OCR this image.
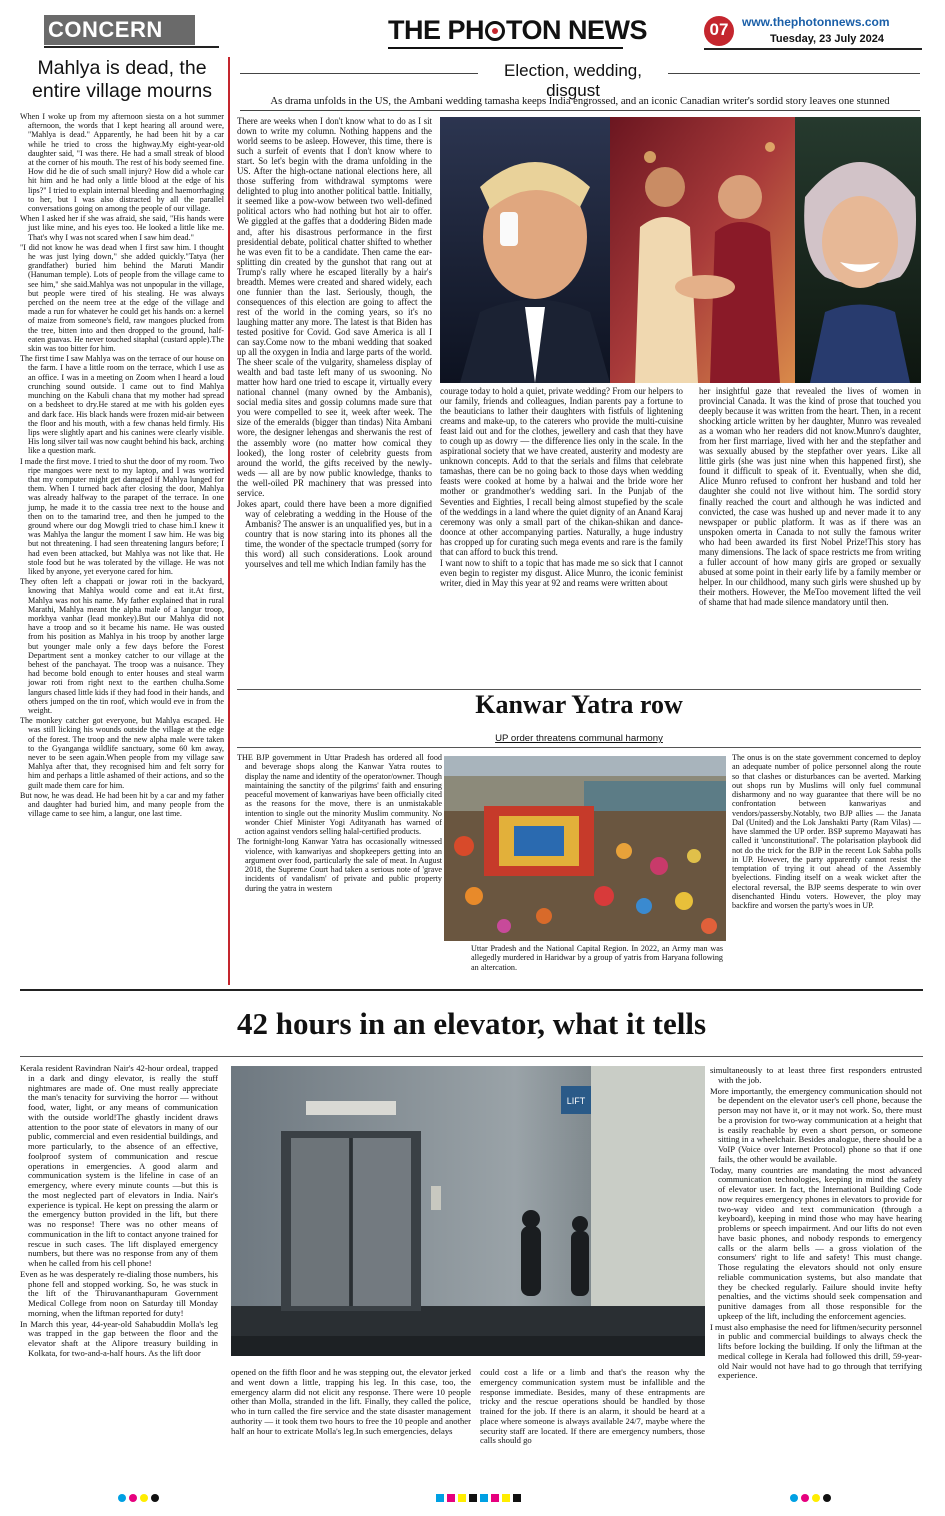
CONCERN	THE PH TON NEWS	07	www.thephotonnews.com
Tuesday, 23 July 2024
Mahlya is dead, the
entire village mourns

When I woke up from my afternoon siesta on a hot summer afternoon, the words that I kept hearing all around were, "Mahlya is dead." Apparently, he had been hit by a car while he tried to cross the highway.My eight-year-old daughter said, "I was there. He had a small streak of blood at the corner of his mouth. The rest of his body seemed fine. How did he die of such small injury? How did a whole car hit him and he had only a little blood at the edge of his lips?" I tried to explain internal bleeding and haemorrhaging to her, but I was also distracted by all the parallel conversations going on among the people of our village.

When I asked her if she was afraid, she said, "His hands were just like mine, and his eyes too. He looked a little like me. That's why I was not scared when I saw him dead."

"I did not know he was dead when I first saw him. I thought he was just lying down," she added quickly."Tatya (her grandfather) buried him behind the Maruti Mandir (Hanuman temple). Lots of people from the village came to see him," she said.Mahlya was not unpopular in the village, but people were tired of his stealing. He was always perched on the neem tree at the edge of the village and made a run for whatever he could get his hands on: a kernel of maize from someone's field, raw mangoes plucked from the tree, bitten into and then dropped to the ground, half-eaten guavas. He never touched sitaphal (custard apple).The skin was too bitter for him.

The first time I saw Mahlya was on the terrace of our house on the farm. I have a little room on the terrace, which I use as an office. I was in a meeting on Zoom when I heard a loud crunching sound outside. I came out to find Mahlya munching on the Kabuli chana that my mother had spread on a bedsheet to dry.He stared at me with his golden eyes and dark face. His black hands were frozen mid-air between the floor and his mouth, with a few chanas held firmly. His lips were slightly apart and his canines were clearly visible. His long silver tail was now caught behind his back, arching like a question mark.

I made the first move. I tried to shut the door of my room. Two ripe mangoes were next to my laptop, and I was worried that my computer might get damaged if Mahlya lunged for them. When I turned back after closing the door, Mahlya was already halfway to the parapet of the terrace. In one jump, he made it to the cassia tree next to the house and then on to the tamarind tree, and then he jumped to the ground where our dog Mowgli tried to chase him.I knew it was Mahlya the langur the moment I saw him. He was big but not threatening. I had seen threatening langurs before; I had even been attacked, but Mahlya was not like that. He stole food but he was tolerated by the village. He was not liked by anyone, yet everyone cared for him.

They often left a chappati or jowar roti in the backyard, knowing that Mahlya would come and eat it.At first, Mahlya was not his name. My father explained that in rural Marathi, Mahlya meant the alpha male of a langur troop, morkhya vanhar (lead monkey).But our Mahlya did not have a troop and so it became his name. He was ousted from his position as Mahlya in his troop by another large but younger male only a few days before the Forest Department sent a monkey catcher to our village at the behest of the panchayat. The troop was a nuisance. They had become bold enough to enter houses and steal warm jowar roti from right next to the earthen chulha.Some langurs chased little kids if they had food in their hands, and others jumped on the tin roof, which would eve in from the weight.

The monkey catcher got everyone, but Mahlya escaped. He was still licking his wounds outside the village at the edge of the forest. The troop and the new alpha male were taken to the Gyanganga wildlife sanctuary, some 60 km away, never to be seen again.When people from my village saw Mahlya after that, they recognised him and felt sorry for him and perhaps a little ashamed of their actions, and so the guilt made them care for him.

But now, he was dead. He had been hit by a car and my father and daughter had buried him, and many people from the village came to see him, a langur, one last time.

Election, wedding, disgust
As drama unfolds in the US, the Ambani wedding tamasha keeps India engrossed, and an iconic Canadian writer's sordid story leaves one stunned

There are weeks when I don't know what to do as I sit down to write my column. Nothing happens and the world seems to be asleep. However, this time, there is such a surfeit of events that I don't know where to start. So let's begin with the drama unfolding in the US. After the high-octane national elections here, all those suffering from withdrawal symptoms were delighted to plug into another political battle. Initially, it seemed like a pow-wow between two well-defined political actors who had nothing but hot air to offer. We giggled at the gaffes that a doddering Biden made and, after his disastrous performance in the first presidential debate, political chatter shifted to whether he was even fit to be a candidate. Then came the ear-splitting din created by the gunshot that rang out at Trump's rally where he escaped literally by a hair's breadth. Memes were created and shared widely, each one funnier than the last. Seriously, though, the consequences of this election are going to affect the rest of the world in the coming years, so it's no laughing matter any more. The latest is that Biden has tested positive for Covid. God save America is all I can say.Come now to the mbani wedding that soaked up all the oxygen in India and large parts of the world. The sheer scale of the vulgarity, shameless display of wealth and bad taste left many of us swooning. No matter how hard one tried to escape it, virtually every national channel (many owned by the Ambanis), social media sites and gossip columns made sure that you were compelled to see it, week after week. The size of the emeralds (bigger than tindas) Nita Ambani wore, the designer lehengas and sherwanis the rest of the assembly wore (no matter how comical they looked), the long roster of celebrity guests from around the world, the gifts received by the newly-weds — all are by now public knowledge, thanks to the well-oiled PR machinery that was pressed into service.

Jokes apart, could there have been a more dignified way of celebrating a wedding in the House of the Ambanis? The answer is an unqualified yes, but in a country that is now staring into its phones all the time, the wonder of the spectacle trumped (sorry for this word) all such considerations. Look around yourselves and tell me which Indian family has the

courage today to hold a quiet, private wedding? From our helpers to our family, friends and colleagues, Indian parents pay a fortune to the beauticians to lather their daughters with fistfuls of lightening creams and make-up, to the caterers who provide the multi-cuisine feast laid out and for the clothes, jewellery and cash that they have to cough up as dowry — the difference lies only in the scale. In the aspirational society that we have created, austerity and modesty are unknown concepts. Add to that the serials and films that celebrate tamashas, there can be no going back to those days when wedding feasts were cooked at home by a halwai and the bride wore her mother or grandmother's wedding sari. In the Punjab of the Seventies and Eighties, I recall being almost stupefied by the scale of the weddings in a land where the quiet dignity of an Anand Karaj ceremony was only a small part of the chikan-shikan and dance-doonce at other accompanying parties. Naturally, a huge industry has cropped up for curating such mega events and rare is the family that can afford to buck this trend.

I want now to shift to a topic that has made me so sick that I cannot even begin to register my disgust. Alice Munro, the iconic feminist writer, died in May this year at 92 and reams were written about

her insightful gaze that revealed the lives of women in provincial Canada. It was the kind of prose that touched you deeply because it was written from the heart. Then, in a recent shocking article written by her daughter, Munro was revealed as a woman who her readers did not know.Munro's daughter, from her first marriage, lived with her and the stepfather and was sexually abused by the stepfather over years. Like all little girls (she was just nine when this happened first), she found it difficult to speak of it. Eventually, when she did, Alice Munro refused to confront her husband and told her daughter she could not live without him. The sordid story finally reached the court and although he was indicted and convicted, the case was hushed up and never made it to any newspaper or public platform. It was as if there was an unspoken omerta in Canada to not sully the famous writer who had been awarded its first Nobel Prize!This story has many dimensions. The lack of space restricts me from writing a fuller account of how many girls are groped or sexually abused at some point in their early life by a family member or helper. In our childhood, many such girls were shushed up by their mothers. However, the MeToo movement lifted the veil of shame that had made silence mandatory until then.

Kanwar Yatra row
UP order threatens communal harmony

THE BJP government in Uttar Pradesh has ordered all food and beverage shops along the Kanwar Yatra routes to display the name and identity of the operator/owner. Though maintaining the sanctity of the pilgrims' faith and ensuring peaceful movement of kanwariyas have been officially cited as the reasons for the move, there is an unmistakable intention to single out the minority Muslim community. No wonder Chief Minister Yogi Adityanath has warned of action against vendors selling halal-certified products.

The fortnight-long Kanwar Yatra has occasionally witnessed violence, with kanwariyas and shopkeepers getting into an argument over food, particularly the sale of meat. In August 2018, the Supreme Court had taken a serious note of 'grave incidents of vandalism' of private and public property during the yatra in western

Uttar Pradesh and the National Capital Region. In 2022, an Army man was allegedly murdered in Haridwar by a group of yatris from Haryana following an altercation.

The onus is on the state government concerned to deploy an adequate number of police personnel along the route so that clashes or disturbances can be averted. Marking out shops run by Muslims will only fuel communal disharmony and no way guarantee that there will be no confrontation between kanwariyas and vendors/passersby.Notably, two BJP allies — the Janata Dal (United) and the Lok Janshakti Party (Ram Vilas) — have slammed the UP order. BSP supremo Mayawati has called it 'unconstitutional'. The polarisation playbook did not do the trick for the BJP in the recent Lok Sabha polls in UP. However, the party apparently cannot resist the temptation of trying it out ahead of the Assembly byelections. Finding itself on a weak wicket after the electoral reversal, the BJP seems desperate to win over disenchanted Hindu voters. However, the ploy may backfire and worsen the party's woes in UP.

42 hours in an elevator, what it tells

Kerala resident Ravindran Nair's 42-hour ordeal, trapped in a dark and dingy elevator, is really the stuff nightmares are made of. One must really appreciate the man's tenacity for surviving the horror — without food, water, light, or any means of communication with the outside world!The ghastly incident draws attention to the poor state of elevators in many of our public, commercial and even residential buildings, and more particularly, to the absence of an effective, foolproof system of communication and rescue operations in emergencies. A good alarm and communication system is the lifeline in case of an emergency, where every minute counts —but this is the most neglected part of elevators in India. Nair's experience is typical. He kept on pressing the alarm or the emergency button provided in the lift, but there was no response! There was no other means of communication in the lift to contact anyone trained for rescue in such cases. The lift displayed emergency numbers, but there was no response from any of them when he called from his cell phone!

Even as he was desperately re-dialing those numbers, his phone fell and stopped working. So, he was stuck in the lift of the Thiruvananthapuram Government Medical College from noon on Saturday till Monday morning, when the liftman reported for duty!

In March this year, 44-year-old Sahabuddin Molla's leg was trapped in the gap between the floor and the elevator shaft at the Alipore treasury building in Kolkata, for two-and-a-half hours. As the lift door

LIFT

opened on the fifth floor and he was stepping out, the elevator jerked and went down a little, trapping his leg. In this case, too, the emergency alarm did not elicit any response. There were 10 people other than Molla, stranded in the lift. Finally, they called the police, who in turn called the fire service and the state disaster management authority — it took them two hours to free the 10 people and another half an hour to extricate Molla's leg.In such emergencies, delays

could cost a life or a limb and that's the reason why the emergency communication system must be infallible and the response immediate. Besides, many of these entrapments are tricky and the rescue operations should be handled by those trained for the job. If there is an alarm, it should be heard at a place where someone is always available 24/7, maybe where the security staff are located. If there are emergency numbers, those calls should go

simultaneously to at least three first responders entrusted with the job.

More importantly, the emergency communication should not be dependent on the elevator user's cell phone, because the person may not have it, or it may not work. So, there must be a provision for two-way communication at a height that is easily reachable by even a short person, or someone sitting in a wheelchair. Besides analogue, there should be a VoIP (Voice over Internet Protocol) phone so that if one fails, the other would be available.

Today, many countries are mandating the most advanced communication technologies, keeping in mind the safety of elevator user. In fact, the International Building Code now requires emergency phones in elevators to provide for two-way video and text communication (through a keyboard), keeping in mind those who may have hearing problems or speech impairment. And our lifts do not even have basic phones, and nobody responds to emergency calls or the alarm bells — a gross violation of the consumers' right to life and safety! This must change. Those regulating the elevators should not only ensure reliable communication systems, but also mandate that they be checked regularly. Failure should invite hefty penalties, and the victims should seek compensation and punitive damages from all those responsible for the upkeep of the lift, including the enforcement agencies.

I must also emphasise the need for liftmen/security personnel in public and commercial buildings to always check the lifts before locking the building. If only the liftman at the medical college in Kerala had followed this drill, 59-year-old Nair would not have had to go through that terrifying experience.
